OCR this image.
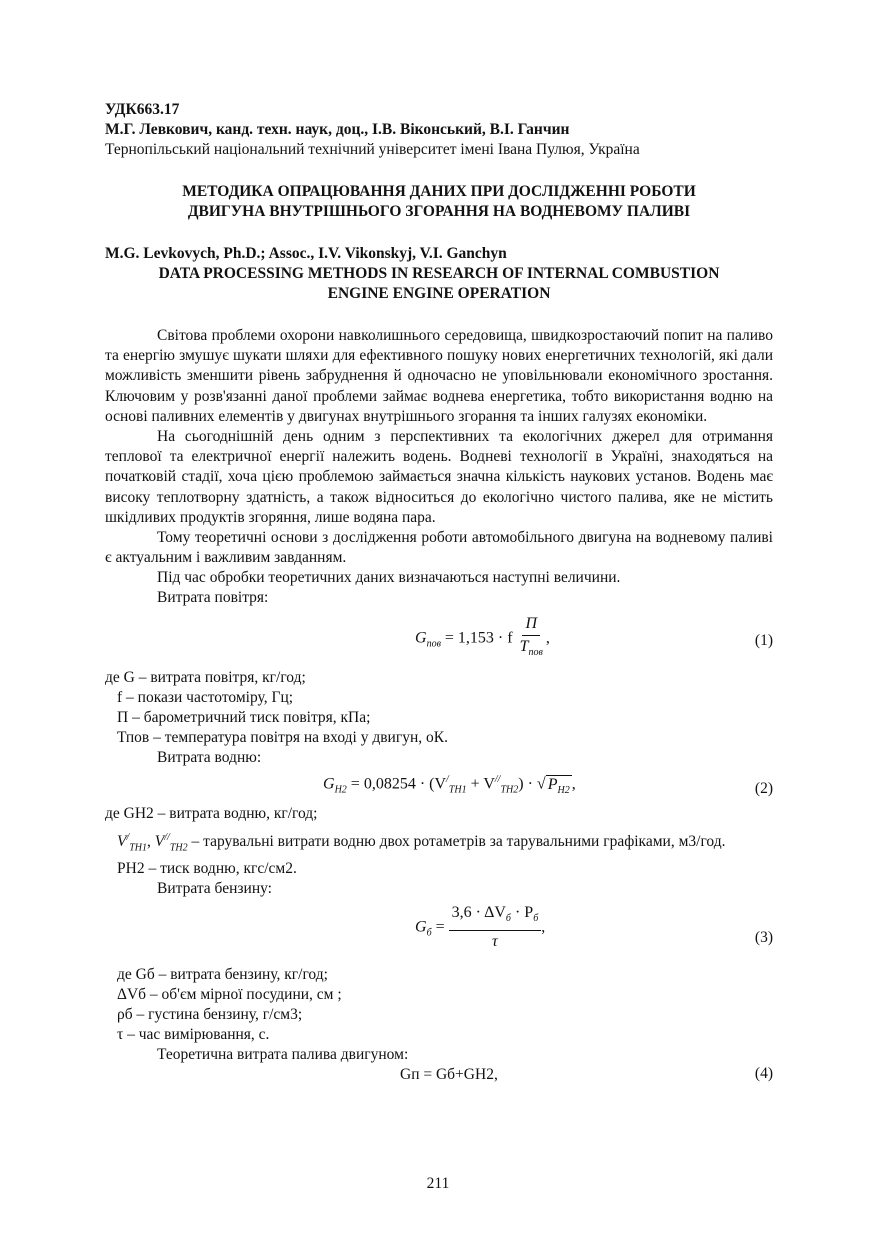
УДК663.17
М.Г. Левкович, канд. техн. наук, доц., І.В. Віконський, В.І. Ганчин
Тернопільський національний технічний університет імені Івана Пулюя, Україна
МЕТОДИКА ОПРАЦЮВАННЯ ДАНИХ ПРИ ДОСЛІДЖЕННІ РОБОТИ
ДВИГУНА ВНУТРІШНЬОГО ЗГОРАННЯ НА ВОДНЕВОМУ ПАЛИВІ
M.G. Levkovych, Ph.D.; Assoc., I.V. Vikonskyj, V.I. Ganchyn
DATA PROCESSING METHODS IN RESEARCH OF INTERNAL COMBUSTION
ENGINE ENGINE OPERATION

Світова проблеми охорони навколишнього середовища, швидкозростаючий попит на паливо та енергію змушує шукати шляхи для ефективного пошуку нових енергетичних технологій, які дали можливість зменшити рівень забруднення й одночасно не уповільнювали економічного зростання. Ключовим у розв'язанні даної проблеми займає воднева енергетика, тобто використання водню на основі паливних елементів у двигунах внутрішнього згорання та інших галузях економіки.

На сьогоднішній день одним з перспективних та екологічних джерел для отримання теплової та електричної енергії належить водень. Водневі технології в Україні, знаходяться на початковій стадії, хоча цією проблемою займається значна кількість наукових установ. Водень має високу теплотворну здатність, а також відноситься до екологічно чистого палива, яке не містить шкідливих продуктів згоряння, лише водяна пара.

Тому теоретичні основи з дослідження роботи автомобільного двигуна на водневому паливі є актуальним і важливим завданням.

Під час обробки теоретичних даних визначаються наступні величини.
Витрата повітря:
$G_{пов} = 1,153 \cdot f \frac{П}{T_{пов}}$ ,	(1)
де G – витрата повітря, кг/год;
f – покази частотоміру, Гц;
П – барометричний тиск повітря, кПа;
Тпов – температура повітря на вході у двигун, оК.
Витрата водню:
$G_{H2} = 0,08254 \cdot (V^/_{TH1} + V^{//}_{TH2})$ · √ $P_{H2}$ ,	(2)
де GН2 – витрата водню, кг/год;
$V^/_{TH1}$, $V^{//}_{TH2}$ – тарувальні витрати водню двох ротаметрів за тарувальними графіками, м3/год.
PН2 – тиск водню, кгс/см2.
Витрата бензину:
$G_б = \frac{3,6 \cdot \Delta V_б \cdot P_б}{\tau}$ ,
(3)
де Gб – витрата бензину, кг/год;
ΔVб – об'єм мірної посудини, см ;
ρб – густина бензину, г/см3;
τ – час вимірювання, с.
Теоретична витрата палива двигуном:
Gп = Gб+GН2,	(4)
211
